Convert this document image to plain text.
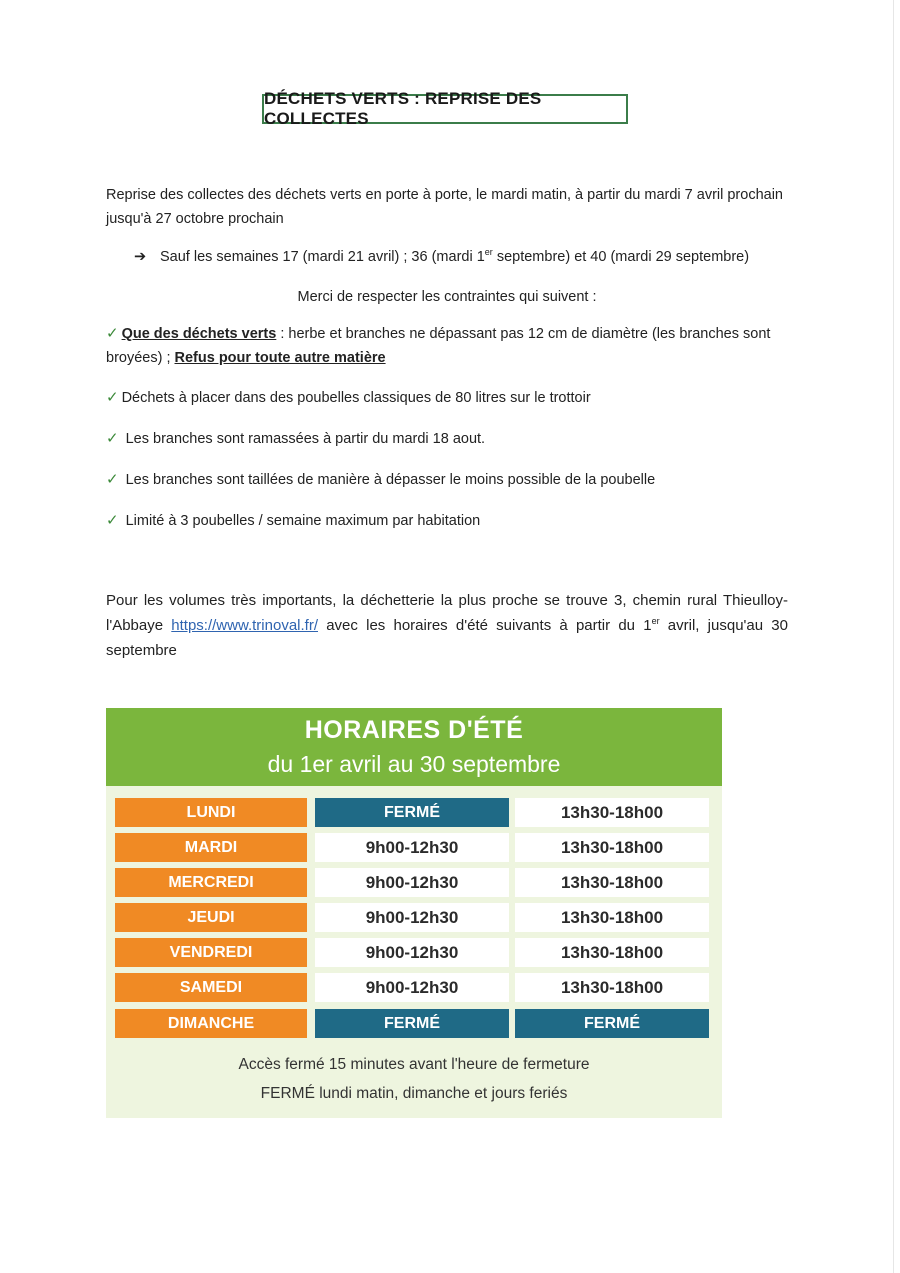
DÉCHETS VERTS : REPRISE DES COLLECTES
Reprise des collectes des déchets verts en porte à porte, le mardi matin, à partir du mardi 7 avril prochain jusqu'à 27 octobre prochain
➔ Sauf les semaines 17 (mardi 21 avril) ; 36 (mardi 1er septembre) et 40 (mardi 29 septembre)
Merci de respecter les contraintes qui suivent :
✓ Que des déchets verts : herbe et branches ne dépassant pas 12 cm de diamètre (les branches sont broyées) ; Refus pour toute autre matière
✓ Déchets à placer dans des poubelles classiques de 80 litres sur le trottoir
✓ Les branches sont ramassées à partir du mardi 18 aout.
✓ Les branches sont taillées de manière à dépasser le moins possible de la poubelle
✓ Limité à 3 poubelles / semaine maximum par habitation
Pour les volumes très importants, la déchetterie la plus proche se trouve 3, chemin rural Thieulloy- l'Abbaye https://www.trinoval.fr/ avec les horaires d'été suivants à partir du 1er avril, jusqu'au 30 septembre
HORAIRES D'ÉTÉ
du 1er avril au 30 septembre
LUNDI	FERMÉ	13h30-18h00
MARDI	9h00-12h30	13h30-18h00
MERCREDI	9h00-12h30	13h30-18h00
JEUDI	9h00-12h30	13h30-18h00
VENDREDI	9h00-12h30	13h30-18h00
SAMEDI	9h00-12h30	13h30-18h00
DIMANCHE	FERMÉ	FERMÉ
Accès fermé 15 minutes avant l'heure de fermeture
FERMÉ lundi matin, dimanche et jours feriés
